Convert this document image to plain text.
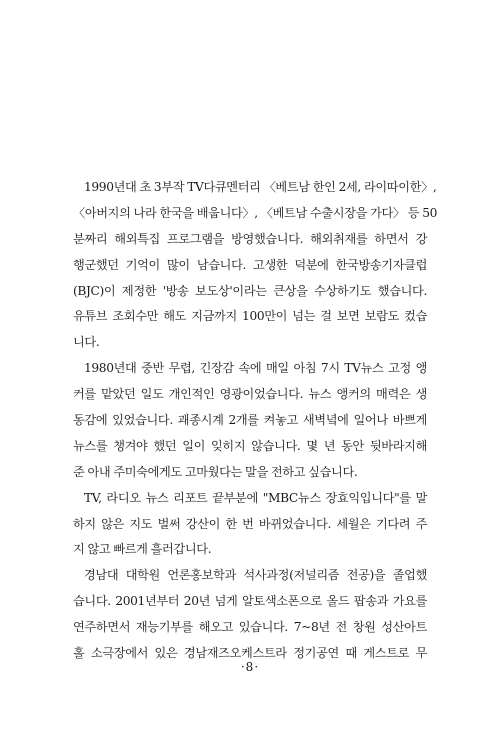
1990년대 초 3부작 TV다큐멘터리 〈베트남 한인 2세, 라이따이한〉,
〈아버지의 나라 한국을 배웁니다〉, 〈베트남 수출시장을 가다〉 등 50
분짜리 해외특집 프로그램을 방영했습니다. 해외취재를 하면서 강
행군했던 기억이 많이 남습니다. 고생한 덕분에 한국방송기자클럽
(BJC)이 제정한 '방송 보도상'이라는 큰상을 수상하기도 했습니다.
유튜브 조회수만 해도 지금까지 100만이 넘는 걸 보면 보람도 컸습
니다.
1980년대 중반 무렵, 긴장감 속에 매일 아침 7시 TV뉴스 고정 앵
커를 맡았던 일도 개인적인 영광이었습니다. 뉴스 앵커의 매력은 생
동감에 있었습니다. 괘종시계 2개를 켜놓고 새벽녘에 일어나 바쁘게
뉴스를 챙겨야 했던 일이 잊히지 않습니다. 몇 년 동안 뒷바라지해
준 아내 주미숙에게도 고마웠다는 말을 전하고 싶습니다.
TV, 라디오 뉴스 리포트 끝부분에 "MBC뉴스 장효익입니다"를 말
하지 않은 지도 벌써 강산이 한 번 바뀌었습니다. 세월은 기다려 주
지 않고 빠르게 흘러갑니다.
경남대 대학원 언론홍보학과 석사과정(저널리즘 전공)을 졸업했
습니다. 2001년부터 20년 넘게 알토색소폰으로 올드 팝송과 가요를
연주하면서 재능기부를 해오고 있습니다. 7~8년 전 창원 성산아트
홀 소극장에서 있은 경남재즈오케스트라 정기공연 때 게스트로 무
·8·
